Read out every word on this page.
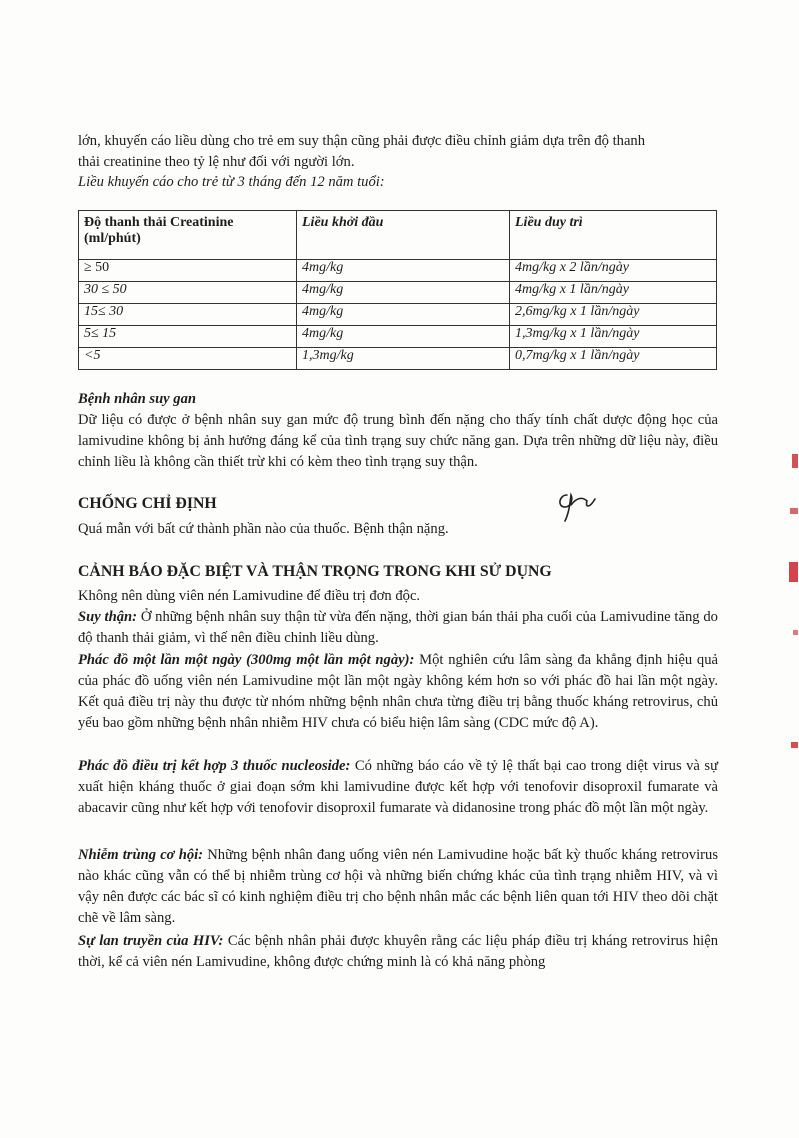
lớn, khuyến cáo liều dùng cho trẻ em suy thận cũng phải được điều chỉnh giảm dựa trên độ thanh

thải creatinine theo tỷ lệ như đối với người lớn.

Liều khuyến cáo cho trẻ từ 3 tháng đến 12 năm tuổi:

Độ thanh thải Creatinine (ml/phút)	Liều khởi đầu	Liều duy trì
≥ 50	4mg/kg	4mg/kg x 2 lần/ngày
30 ≤ 50	4mg/kg	4mg/kg x 1 lần/ngày
15≤ 30	4mg/kg	2,6mg/kg x 1 lần/ngày
5≤ 15	4mg/kg	1,3mg/kg x 1 lần/ngày
<5	1,3mg/kg	0,7mg/kg x 1 lần/ngày

Bệnh nhân suy gan

Dữ liệu có được ở bệnh nhân suy gan mức độ trung bình đến nặng cho thấy tính chất dược động học của lamivudine không bị ảnh hưởng đáng kể của tình trạng suy chức năng gan. Dựa trên những dữ liệu này, điều chỉnh liều là không cần thiết trừ khi có kèm theo tình trạng suy thận.

CHỐNG CHỈ ĐỊNH

Quá mẫn với bất cứ thành phần nào của thuốc. Bệnh thận nặng.

CẢNH BÁO ĐẶC BIỆT VÀ THẬN TRỌNG TRONG KHI SỬ DỤNG

Không nên dùng viên nén Lamivudine để điều trị đơn độc.

Suy thận: Ở những bệnh nhân suy thận từ vừa đến nặng, thời gian bán thải pha cuối của Lamivudine tăng do độ thanh thải giảm, vì thế nên điều chỉnh liều dùng.

Phác đồ một lần một ngày (300mg một lần một ngày): Một nghiên cứu lâm sàng đa khẳng định hiệu quả của phác đồ uống viên nén Lamivudine một lần một ngày không kém hơn so với phác đồ hai lần một ngày. Kết quả điều trị này thu được từ nhóm những bệnh nhân chưa từng điều trị bằng thuốc kháng retrovirus, chủ yếu bao gồm những bệnh nhân nhiễm HIV chưa có biểu hiện lâm sàng (CDC mức độ A).

Phác đồ điều trị kết hợp 3 thuốc nucleoside: Có những báo cáo về tỷ lệ thất bại cao trong diệt virus và sự xuất hiện kháng thuốc ở giai đoạn sớm khi lamivudine được kết hợp với tenofovir disoproxil fumarate và abacavir cũng như kết hợp với tenofovir disoproxil fumarate và didanosine trong phác đồ một lần một ngày.

Nhiễm trùng cơ hội: Những bệnh nhân đang uống viên nén Lamivudine hoặc bất kỳ thuốc kháng retrovirus nào khác cũng vẫn có thể bị nhiễm trùng cơ hội và những biến chứng khác của tình trạng nhiễm HIV, và vì vậy nên được các bác sĩ có kinh nghiệm điều trị cho bệnh nhân mắc các bệnh liên quan tới HIV theo dõi chặt chẽ về lâm sàng.

Sự lan truyền của HIV: Các bệnh nhân phải được khuyên rằng các liệu pháp điều trị kháng retrovirus hiện thời, kể cả viên nén Lamivudine, không được chứng minh là có khả năng phòng
